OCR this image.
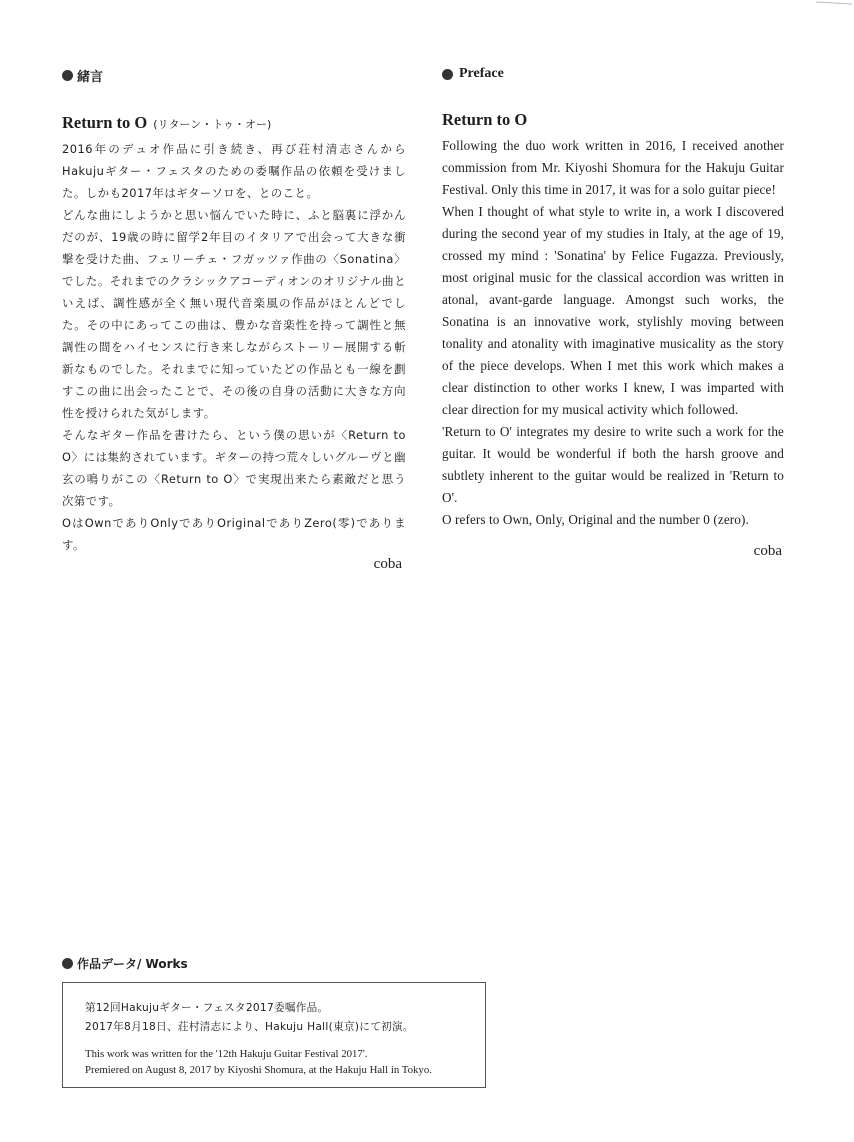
緒言
Return to O (リターン・トゥ・オー)

2016年のデュオ作品に引き続き、再び荘村清志さんからHakujuギター・フェスタのための委嘱作品の依頼を受けました。しかも2017年はギターソロを、とのこと。

どんな曲にしようかと思い悩んでいた時に、ふと脳裏に浮かんだのが、19歳の時に留学2年目のイタリアで出会って大きな衝撃を受けた曲、フェリーチェ・フガッツァ作曲の〈Sonatina〉でした。それまでのクラシックアコーディオンのオリジナル曲といえば、調性感が全く無い現代音楽風の作品がほとんどでした。その中にあってこの曲は、豊かな音楽性を持って調性と無調性の間をハイセンスに行き来しながらストーリー展開する斬新なものでした。それまでに知っていたどの作品とも一線を劃すこの曲に出会ったことで、その後の自身の活動に大きな方向性を授けられた気がします。

そんなギター作品を書けたら、という僕の思いが〈Return to O〉には集約されています。ギターの持つ荒々しいグルーヴと幽玄の鳴りがこの〈Return to O〉で実現出来たら素敵だと思う次第です。

OはOwnでありOnlyでありOriginalでありZero(零)であります。

coba
Preface
Return to O

Following the duo work written in 2016, I received another commission from Mr. Kiyoshi Shomura for the Hakuju Guitar Festival. Only this time in 2017, it was for a solo guitar piece!

When I thought of what style to write in, a work I discovered during the second year of my studies in Italy, at the age of 19, crossed my mind : 'Sonatina' by Felice Fugazza. Previously, most original music for the classical accordion was written in atonal, avant-garde language. Amongst such works, the Sonatina is an innovative work, stylishly moving between tonality and atonality with imaginative musicality as the story of the piece develops. When I met this work which makes a clear distinction to other works I knew, I was imparted with clear direction for my musical activity which followed.

'Return to O' integrates my desire to write such a work for the guitar. It would be wonderful if both the harsh groove and subtlety inherent to the guitar would be realized in 'Return to O'.

O refers to Own, Only, Original and the number 0 (zero).

coba
作品データ/ Works

第12回Hakujuギター・フェスタ2017委嘱作品。

2017年8月18日、荘村清志により、Hakuju Hall(東京)にて初演。

This work was written for the '12th Hakuju Guitar Festival 2017'.

Premiered on August 8, 2017 by Kiyoshi Shomura, at the Hakuju Hall in Tokyo.
